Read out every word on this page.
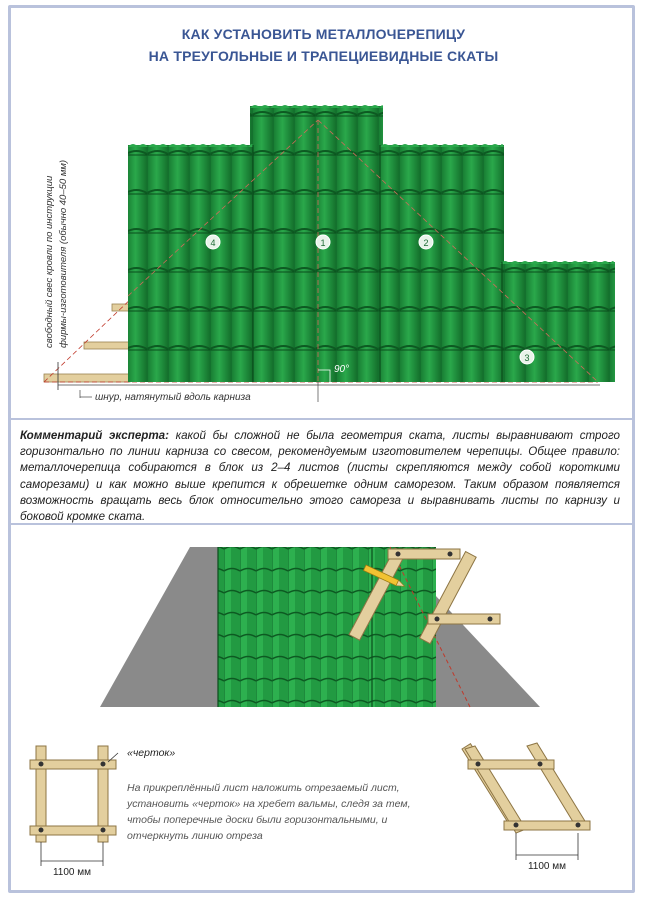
КАК УСТАНОВИТЬ МЕТАЛЛОЧЕРЕПИЦУ
НА ТРЕУГОЛЬНЫЕ И ТРАПЕЦИЕВИДНЫЕ СКАТЫ
4	1	2
3
90°
свободный свес кровли по инструкции фирмы-изготовителя (обычно 40–50 мм)
шнур, натянутый вдоль карниза
Комментарий эксперта: какой бы сложной не была геометрия ската, листы выравнивают строго горизонтально по линии карниза со свесом, рекомендуемым изготовителем черепицы. Общее правило: металлочерепица собираются в блок из 2–4 листов (листы скрепляются между собой короткими саморезами) и как можно выше крепится к обрешетке одним саморезом. Таким образом появляется возможность вращать весь блок относительно этого самореза и выравнивать листы по карнизу и боковой кромке ската.
1100 мм
«черток»
На прикреплённый лист наложить отрезаемый лист,
установить «черток» на хребет вальмы, следя за тем,
чтобы поперечные доски были горизонтальными, и
отчеркнуть линию отреза
1100 мм
